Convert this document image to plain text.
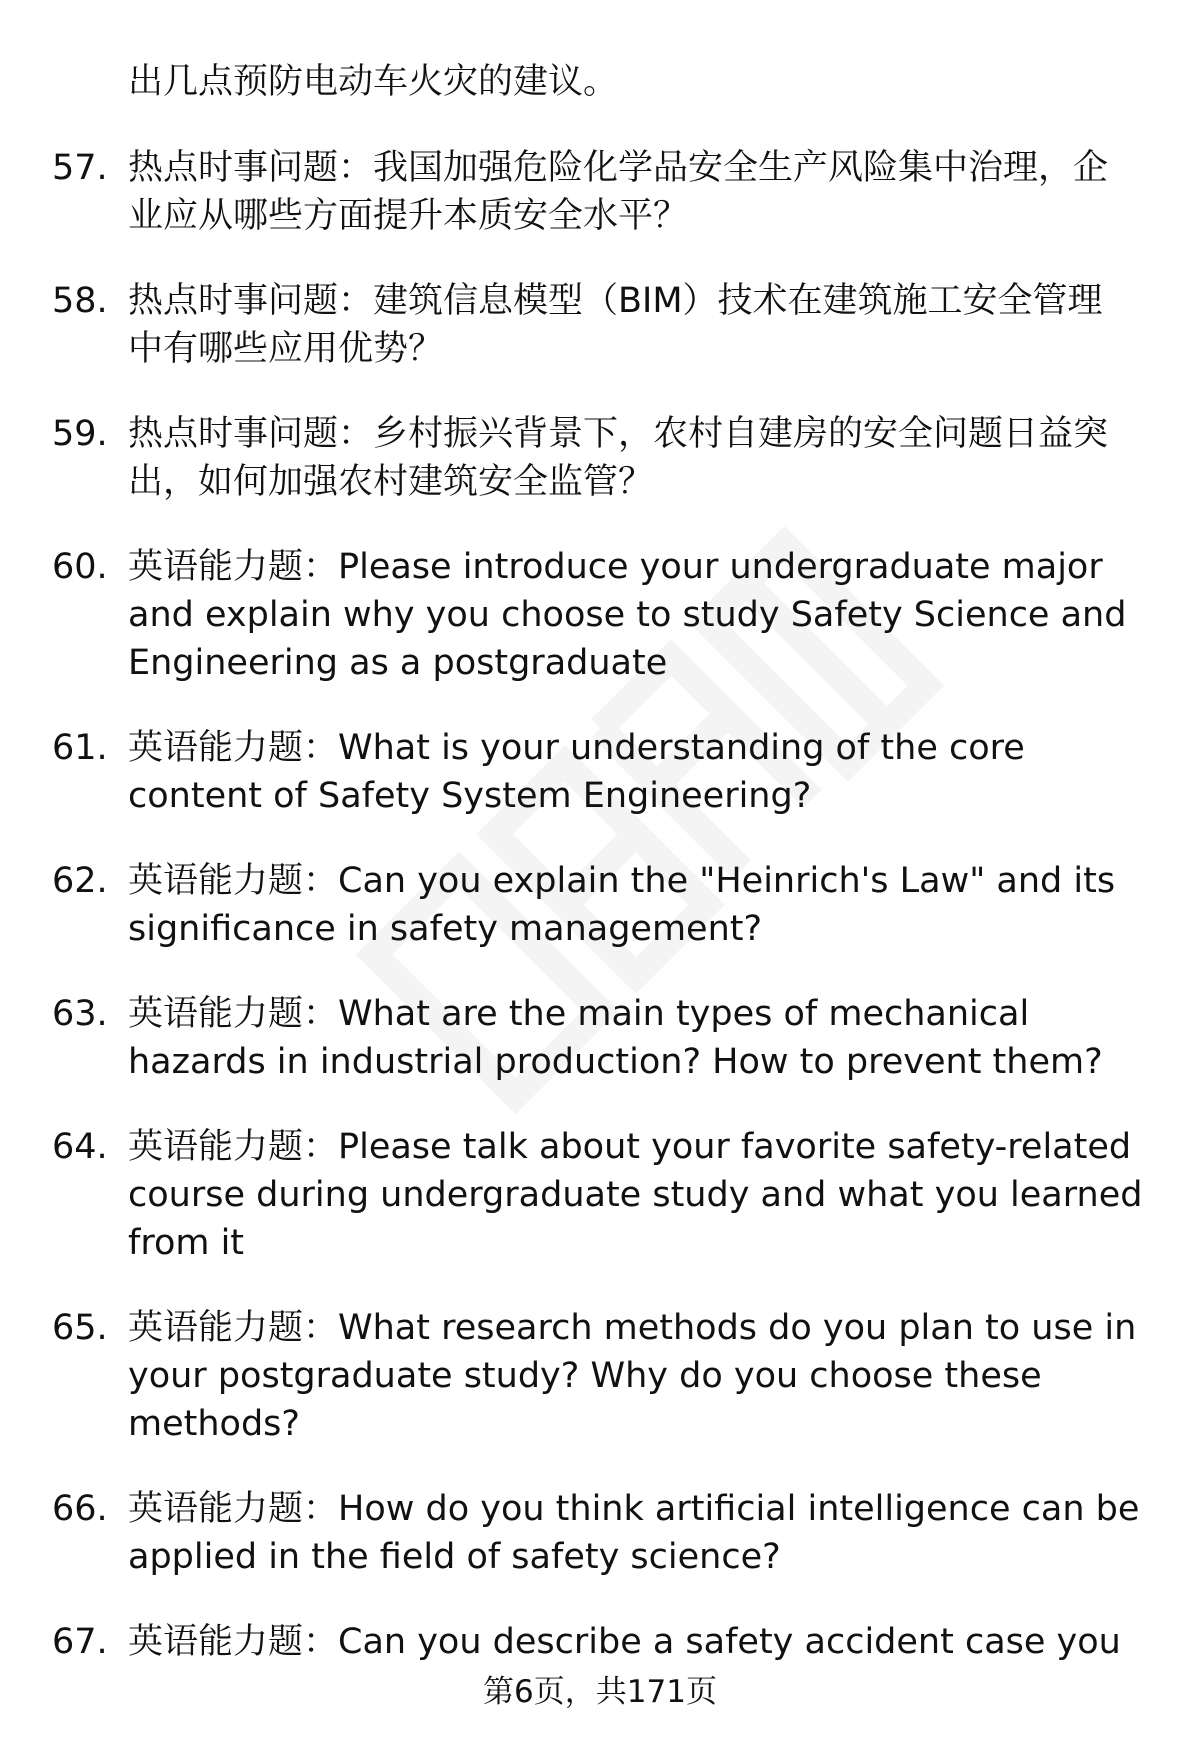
出几点预防电动车火灾的建议。
57. 热点时事问题：我国加强危险化学品安全生产风险集中治理，企
业应从哪些方面提升本质安全水平？
58. 热点时事问题：建筑信息模型（BIM）技术在建筑施工安全管理
中有哪些应用优势？
59. 热点时事问题：乡村振兴背景下，农村自建房的安全问题日益突
出，如何加强农村建筑安全监管？
60. 英语能力题：Please introduce your undergraduate major
and explain why you choose to study Safety Science and
Engineering as a postgraduate
61. 英语能力题：What is your understanding of the core
content of Safety System Engineering?
62. 英语能力题：Can you explain the "Heinrich's Law" and its
significance in safety management?
63. 英语能力题：What are the main types of mechanical
hazards in industrial production? How to prevent them?
64. 英语能力题：Please talk about your favorite safety-related
course during undergraduate study and what you learned
from it
65. 英语能力题：What research methods do you plan to use in
your postgraduate study? Why do you choose these
methods?
66. 英语能力题：How do you think artificial intelligence can be
applied in the field of safety science?
67. 英语能力题：Can you describe a safety accident case you
第6页，共171页
